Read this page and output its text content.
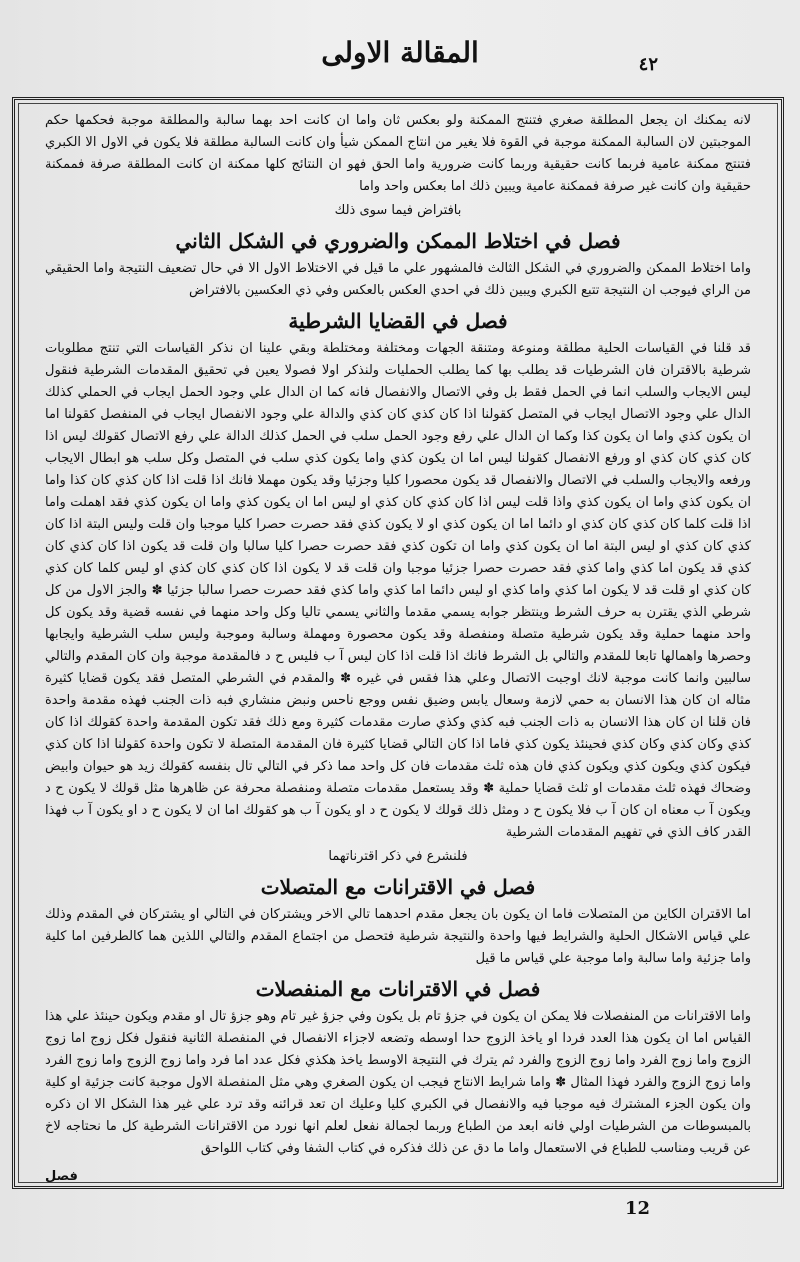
المقالة الاولى	٤٢

لانه يمكنك ان يجعل المطلقة صغري فتنتج الممكنة ولو بعكس ثان واما ان كانت احد بهما سالبة والمطلقة موجبة فحكمها حكم الموجبتين لان السالبة الممكنة موجبة في القوة فلا يغير من انتاج الممكن شيأ وان كانت السالبة مطلقة فلا يكون في الاول الا الكبري فتنتج ممكنة عامية فربما كانت حقيقية وربما كانت ضرورية واما الحق فهو ان النتائج كلها ممكنة ان كانت المطلقة صرفة فممكنة حقيقية وان كانت غير صرفة فممكنة عامية ويبين ذلك اما بعكس واحد واما

بافتراض فيما سوى ذلك

فصل في اختلاط الممكن والضروري في الشكل الثاني

واما اختلاط الممكن والضروري في الشكل الثالث فالمشهور علي ما قيل في الاختلاط الاول الا في حال تضعيف النتيجة واما الحقيقي من الراي فيوجب ان النتيجة تتبع الكبري ويبين ذلك في احدي العكس بالعكس وفي ذي العكسين بالافتراض

فصل في القضايا الشرطية

قد قلنا في القياسات الحلية مطلقة ومنوعة ومتنقة الجهات ومختلفة ومختلطة وبقي علينا ان نذكر القياسات التي تنتج مطلوبات شرطية بالاقتران فان الشرطيات قد يطلب بها كما يطلب الحمليات ولنذكر اولا فصولا يعين في تحقيق المقدمات الشرطية فنقول ليس الايجاب والسلب انما في الحمل فقط بل وفي الاتصال والانفصال فانه كما ان الدال علي وجود الحمل ايجاب في الحملي كذلك الدال علي وجود الاتصال ايجاب في المتصل كقولنا اذا كان كذي كان كذي والدالة علي وجود الانفصال ايجاب في المنفصل كقولنا اما ان يكون كذي واما ان يكون كذا وكما ان الدال علي رفع وجود الحمل سلب في الحمل كذلك الدالة علي رفع الاتصال كقولك ليس اذا كان كذي كان كذي او ورفع الانفصال كقولنا ليس اما ان يكون كذي واما يكون كذي سلب في المتصل وكل سلب هو ابطال الايجاب ورفعه والايجاب والسلب في الاتصال والانفصال قد يكون محصورا كليا وجزئيا وقد يكون مهملا فانك اذا قلت اذا كان كذي كان كذا واما ان يكون كذي واما ان يكون كذي واذا قلت ليس اذا كان كذي كان كذي او ليس اما ان يكون كذي واما ان يكون كذي فقد اهملت واما اذا قلت كلما كان كذي كان كذي او دائما اما ان يكون كذي او لا يكون كذي فقد حصرت حصرا كليا موجبا وان قلت وليس البتة اذا كان كذي كان كذي او ليس البتة اما ان يكون كذي واما ان تكون كذي فقد حصرت حصرا كليا سالبا وان قلت قد يكون اذا كان كذي كان كذي قد يكون اما كذي واما كذي فقد حصرت حصرا جزئيا موجبا وان قلت قد لا يكون اذا كان كذي كان كذي او ليس كلما كان كذي كان كذي او قلت قد لا يكون اما كذي واما كذي او ليس دائما اما كذي واما كذي فقد حصرت حصرا سالبا جزئيا ✽ والجز الاول من كل شرطي الذي يقترن به حرف الشرط وينتظر جوابه يسمي مقدما والثاني يسمي تاليا وكل واحد منهما في نفسه قضية وقد يكون كل واحد منهما حملية وقد يكون شرطية متصلة ومنفصلة وقد يكون محصورة ومهملة وسالبة وموجبة وليس سلب الشرطية وايجابها وحصرها واهمالها تابعا للمقدم والتالي بل الشرط فانك اذا قلت اذا كان ليس آ ب فليس ح د فالمقدمة موجبة وان كان المقدم والتالي سالبين وانما كانت موجبة لانك اوجبت الاتصال وعلي هذا فقس في غيره ✽ والمقدم في الشرطي المتصل فقد يكون قضايا كثيرة مثاله ان كان هذا الانسان به حمي لازمة وسعال يابس وضيق نفس ووجع ناحس ونبض منشاري فبه ذات الجنب فهذه مقدمة واحدة فان قلنا ان كان هذا الانسان به ذات الجنب فبه كذي وكذي صارت مقدمات كثيرة ومع ذلك فقد تكون المقدمة واحدة كقولك اذا كان كذي وكان كذي وكان كذي فحينئذ يكون كذي فاما اذا كان التالي قضايا كثيرة فان المقدمة المتصلة لا تكون واحدة كقولنا اذا كان كذي فيكون كذي ويكون كذي ويكون كذي فان هذه ثلث مقدمات فان كل واحد مما ذكر في التالي تال بنفسه كقولك زيد هو حيوان وابيض وضحاك فهذه ثلث مقدمات او ثلث قضايا حملية ✽ وقد يستعمل مقدمات متصلة ومنفصلة محرفة عن ظاهرها مثل قولك لا يكون ح د ويكون آ ب معناه ان كان آ ب فلا يكون ح د ومثل ذلك قولك لا يكون ح د او يكون آ ب هو كقولك اما ان لا يكون ح د او يكون آ ب فهذا القدر كاف الذي في تفهيم المقدمات الشرطية

فلنشرع في ذكر اقترناتهما

فصل في الاقترانات مع المتصلات

اما الاقتران الكاين من المتصلات فاما ان يكون بان يجعل مقدم احدهما تالي الاخر ويشتركان في التالي او يشتركان في المقدم وذلك علي قياس الاشكال الحلية والشرايط فيها واحدة والنتيجة شرطية فتحصل من اجتماع المقدم والتالي اللذين هما كالطرفين اما كلية واما جزئية واما سالبة واما موجبة علي قياس ما قيل

فصل في الاقترانات مع المنفصلات

واما الاقترانات من المنفصلات فلا يمكن ان يكون في جزؤ تام بل يكون وفي جزؤ غير تام وهو جزؤ تال او مقدم ويكون حينئذ علي هذا القياس اما ان يكون هذا العدد فردا او ياخذ الزوج حدا اوسطه وتضعه لاجزاء الانفصال في المنفصلة الثانية فنقول فكل زوج اما زوج الزوج واما زوج الفرد واما زوج الزوج والفرد ثم يترك في النتيجة الاوسط ياخذ هكذي فكل عدد اما فرد واما زوج الزوج واما زوج الفرد واما زوج الزوج والفرد فهذا المثال ✽ واما شرايط الانتاج فيجب ان يكون الصغري وهي مثل المنفصلة الاول موجبة كانت جزئية او كلية وان يكون الجزء المشترك فيه موجبا فيه والانفصال في الكبري كليا وعليك ان تعد قرائنه وقد ترد علي غير هذا الشكل الا ان ذكره بالمبسوطات من الشرطيات اولي فانه ابعد من الطباع وربما لجمالة نفعل لعلم انها نورد من الاقترانات الشرطية كل ما نحتاجه لاخ عن قريب ومناسب للطباع في الاستعمال واما ما دق عن ذلك فذكره في كتاب الشفا وفي كتاب اللواحق

فصل

12
